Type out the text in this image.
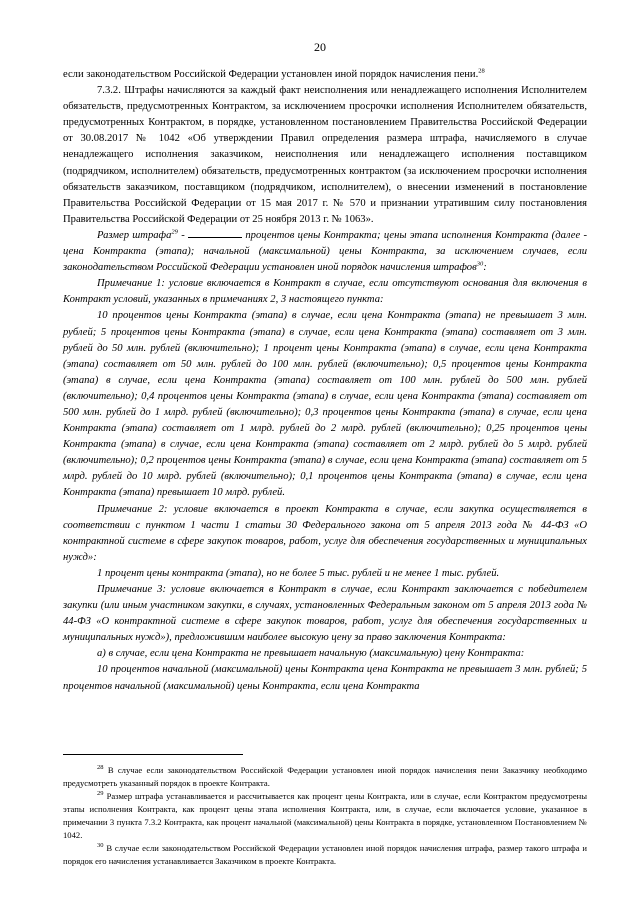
20

если законодательством Российской Федерации установлен иной порядок начисления пени.$^{28}$

7.3.2. Штрафы начисляются за каждый факт неисполнения или ненадлежащего исполнения Исполнителем обязательств, предусмотренных Контрактом, за исключением просрочки исполнения Исполнителем обязательств, предусмотренных Контрактом, в порядке, установленном постановлением Правительства Российской Федерации от 30.08.2017 № 1042 «Об утверждении Правил определения размера штрафа, начисляемого в случае ненадлежащего исполнения заказчиком, неисполнения или ненадлежащего исполнения поставщиком (подрядчиком, исполнителем) обязательств, предусмотренных контрактом (за исключением просрочки исполнения обязательств заказчиком, поставщиком (подрядчиком, исполнителем), о внесении изменений в постановление Правительства Российской Федерации от 15 мая 2017 г. № 570 и признании утратившим силу постановления Правительства Российской Федерации от 25 ноября 2013 г. № 1063».

Размер штрафа$^{29}$ -	процентов цены Контракта; цены этапа исполнения Контракта (далее - цена Контракта (этапа); начальной (максимальной) цены Контракта, за исключением случаев, если законодательством Российской Федерации установлен иной порядок начисления штрафов$^{30}$:

Примечание 1: условие включается в Контракт в случае, если отсутствуют основания для включения в Контракт условий, указанных в примечаниях 2, 3 настоящего пункта:

10 процентов цены Контракта (этапа) в случае, если цена Контракта (этапа) не превышает 3 млн. рублей; 5 процентов цены Контракта (этапа) в случае, если цена Контракта (этапа) составляет от 3 млн. рублей до 50 млн. рублей (включительно); 1 процент цены Контракта (этапа) в случае, если цена Контракта (этапа) составляет от 50 млн. рублей до 100 млн. рублей (включительно); 0,5 процентов цены Контракта (этапа) в случае, если цена Контракта (этапа) составляет от 100 млн. рублей до 500 млн. рублей (включительно); 0,4 процентов цены Контракта (этапа) в случае, если цена Контракта (этапа) составляет от 500 млн. рублей до 1 млрд. рублей (включительно); 0,3 процентов цены Контракта (этапа) в случае, если цена Контракта (этапа) составляет от 1 млрд. рублей до 2 млрд. рублей (включительно); 0,25 процентов цены Контракта (этапа) в случае, если цена Контракта (этапа) составляет от 2 млрд. рублей до 5 млрд. рублей (включительно); 0,2 процентов цены Контракта (этапа) в случае, если цена Контракта (этапа) составляет от 5 млрд. рублей до 10 млрд. рублей (включительно); 0,1 процентов цены Контракта (этапа) в случае, если цена Контракта (этапа) превышает 10 млрд. рублей.

Примечание 2: условие включается в проект Контракта в случае, если закупка осуществляется в соответствии с пунктом 1 части 1 статьи 30 Федерального закона от 5 апреля 2013 года № 44-ФЗ «О контрактной системе в сфере закупок товаров, работ, услуг для обеспечения государственных и муниципальных нужд»:

1 процент цены контракта (этапа), но не более 5 тыс. рублей и не менее 1 тыс. рублей.

Примечание 3: условие включается в Контракт в случае, если Контракт заключается с победителем закупки (или иным участником закупки, в случаях, установленных Федеральным законом от 5 апреля 2013 года № 44-ФЗ «О контрактной системе в сфере закупок товаров, работ, услуг для обеспечения государственных и муниципальных нужд»), предложившим наиболее высокую цену за право заключения Контракта:

а) в случае, если цена Контракта не превышает начальную (максимальную) цену Контракта:

10 процентов начальной (максимальной) цены Контракта цена Контракта не превышает 3 млн. рублей; 5 процентов начальной (максимальной) цены Контракта, если цена Контракта

$^{28}$ В случае если законодательством Российской Федерации установлен иной порядок начисления пени Заказчику необходимо предусмотреть указанный порядок в проекте Контракта.

$^{29}$ Размер штрафа устанавливается и рассчитывается как процент цены Контракта, или в случае, если Контрактом предусмотрены этапы исполнения Контракта, как процент цены этапа исполнения Контракта, или, в случае, если включается условие, указанное в примечании 3 пункта 7.3.2 Контракта, как процент начальной (максимальной) цены Контракта в порядке, установленном Постановлением № 1042.

$^{30}$ В случае если законодательством Российской Федерации установлен иной порядок начисления штрафа, размер такого штрафа и порядок его начисления устанавливается Заказчиком в проекте Контракта.
